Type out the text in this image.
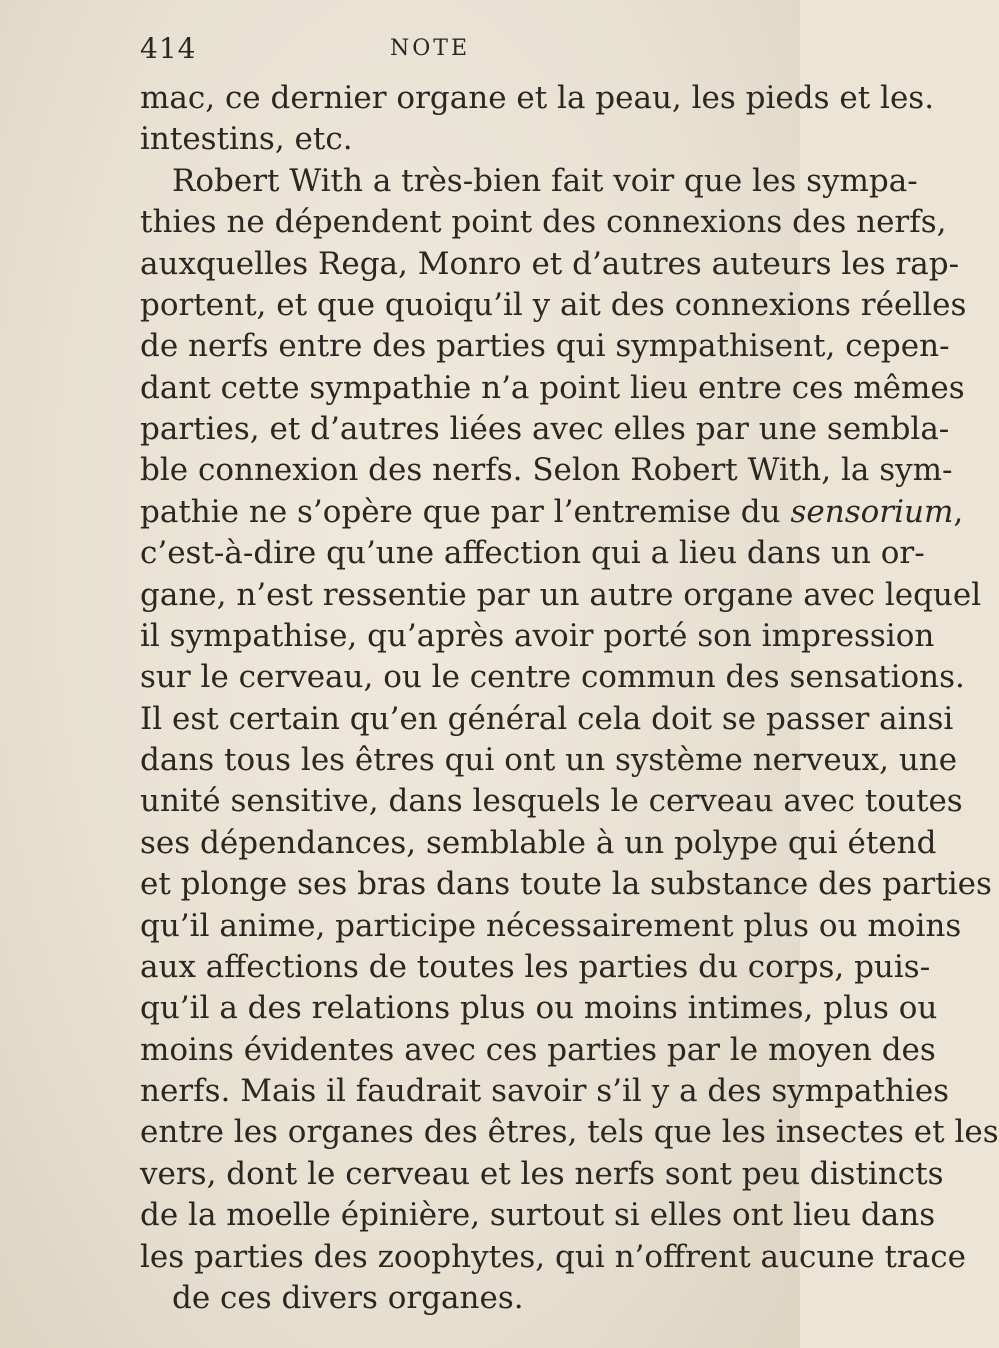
414	NOTE
mac, ce dernier organe et la peau, les pieds et les.
intestins, etc.
Robert With a très-bien fait voir que les sympa-
thies ne dépendent point des connexions des nerfs,
auxquelles Rega, Monro et d’autres auteurs les rap-
portent, et que quoiqu’il y ait des connexions réelles
de nerfs entre des parties qui sympathisent, cepen-
dant cette sympathie n’a point lieu entre ces mêmes
parties, et d’autres liées avec elles par une sembla-
ble connexion des nerfs. Selon Robert With, la sym-
pathie ne s’opère que par l’entremise du sensorium,
c’est-à-dire qu’une affection qui a lieu dans un or-
gane, n’est ressentie par un autre organe avec lequel
il sympathise, qu’après avoir porté son impression
sur le cerveau, ou le centre commun des sensations.
Il est certain qu’en général cela doit se passer ainsi
dans tous les êtres qui ont un système nerveux, une
unité sensitive, dans lesquels le cerveau avec toutes
ses dépendances, semblable à un polype qui étend
et plonge ses bras dans toute la substance des parties
qu’il anime, participe nécessairement plus ou moins
aux affections de toutes les parties du corps, puis-
qu’il a des relations plus ou moins intimes, plus ou
moins évidentes avec ces parties par le moyen des
nerfs. Mais il faudrait savoir s’il y a des sympathies
entre les organes des êtres, tels que les insectes et les
vers, dont le cerveau et les nerfs sont peu distincts
de la moelle épinière, surtout si elles ont lieu dans
les parties des zoophytes, qui n’offrent aucune trace
de ces divers organes.
